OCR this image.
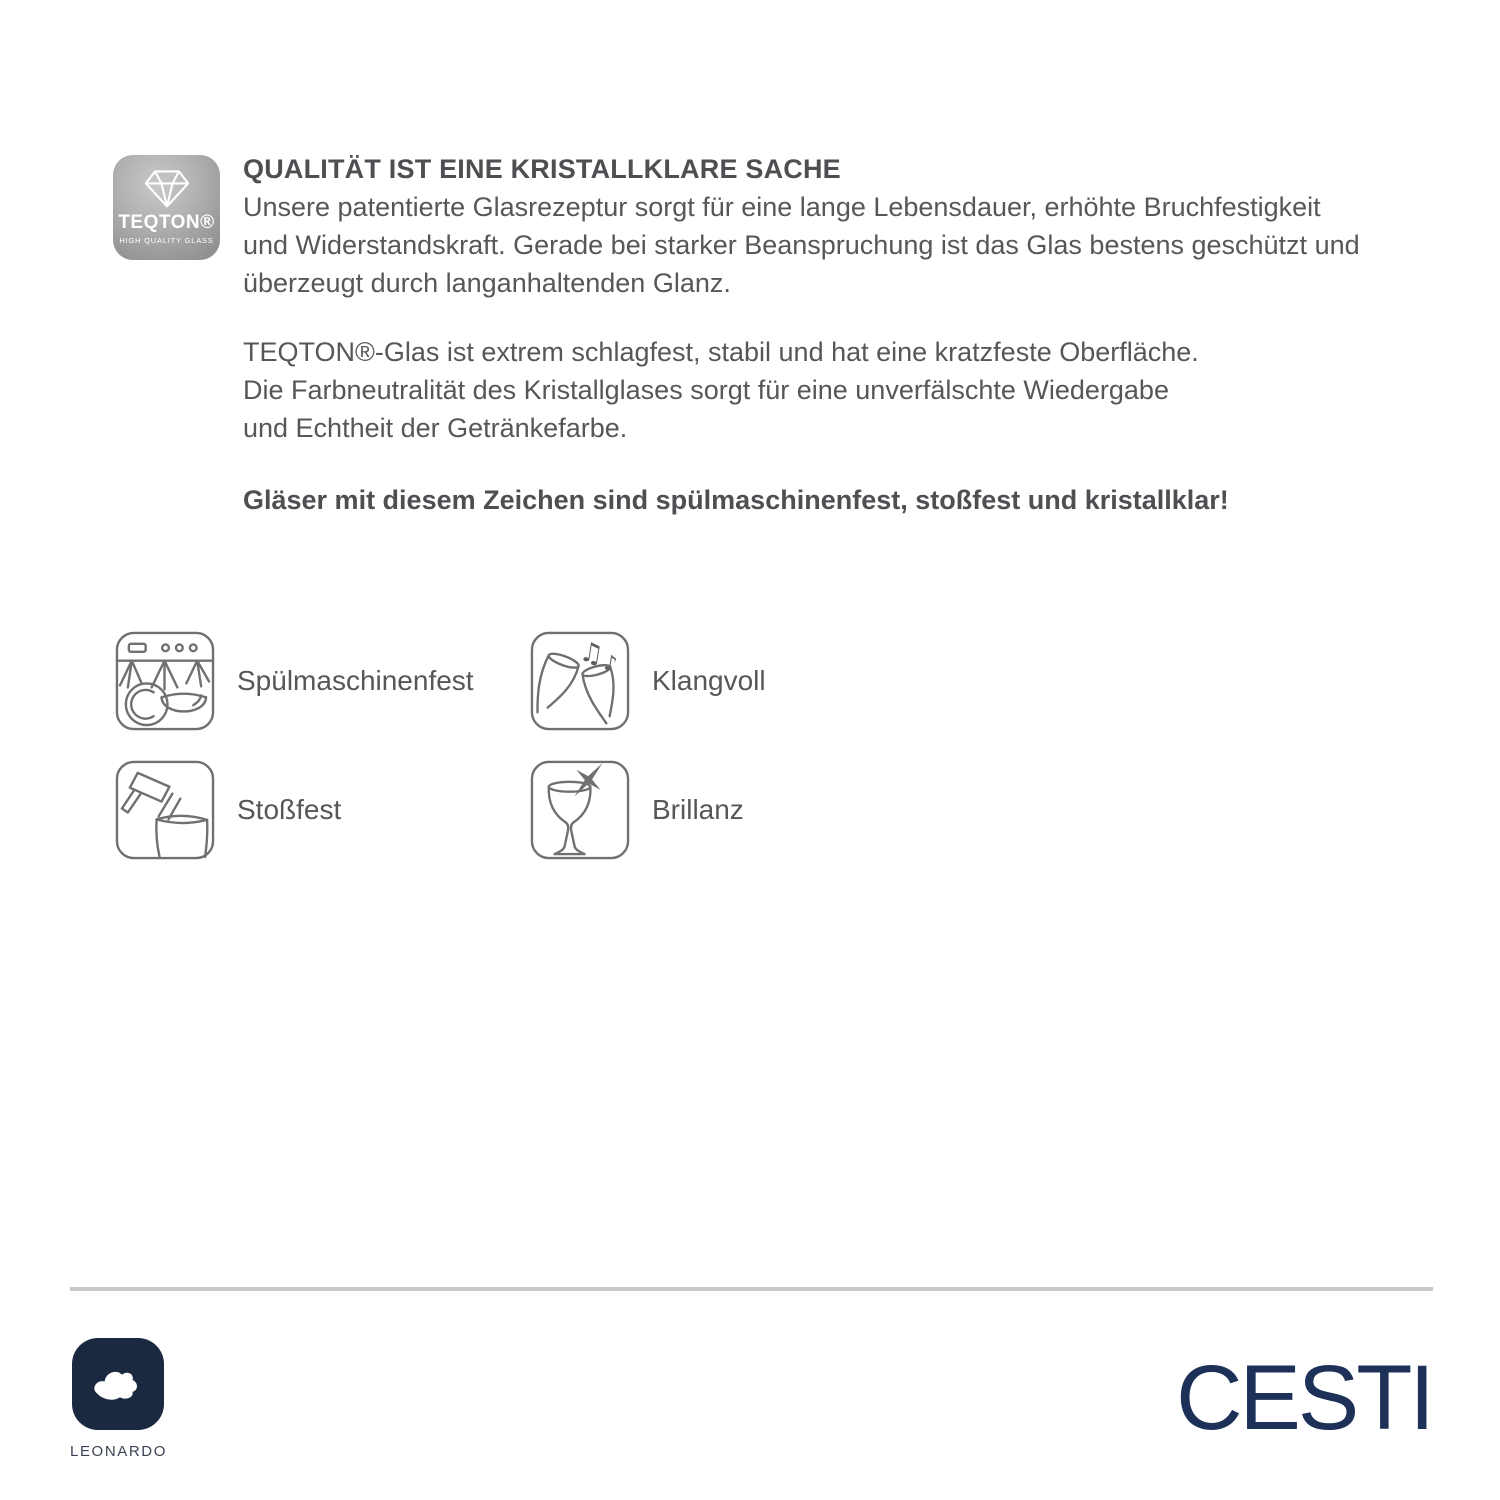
TEQTON®
HIGH QUALITY GLASS
QUALITÄT IST EINE KRISTALLKLARE SACHE
Unsere patentierte Glasrezeptur sorgt für eine lange Lebensdauer, erhöhte Bruchfestigkeit
und Widerstandskraft. Gerade bei starker Beanspruchung ist das Glas bestens geschützt und
überzeugt durch langanhaltenden Glanz.
TEQTON®-Glas ist extrem schlagfest, stabil und hat eine kratzfeste Oberfläche.
Die Farbneutralität des Kristallglases sorgt für eine unverfälschte Wiedergabe
und Echtheit der Getränkefarbe.
Gläser mit diesem Zeichen sind spülmaschinenfest, stoßfest und kristallklar!
Spülmaschinenfest
♫
♪
Klangvoll
Stoßfest	Brillanz
LEONARDO
CESTI
